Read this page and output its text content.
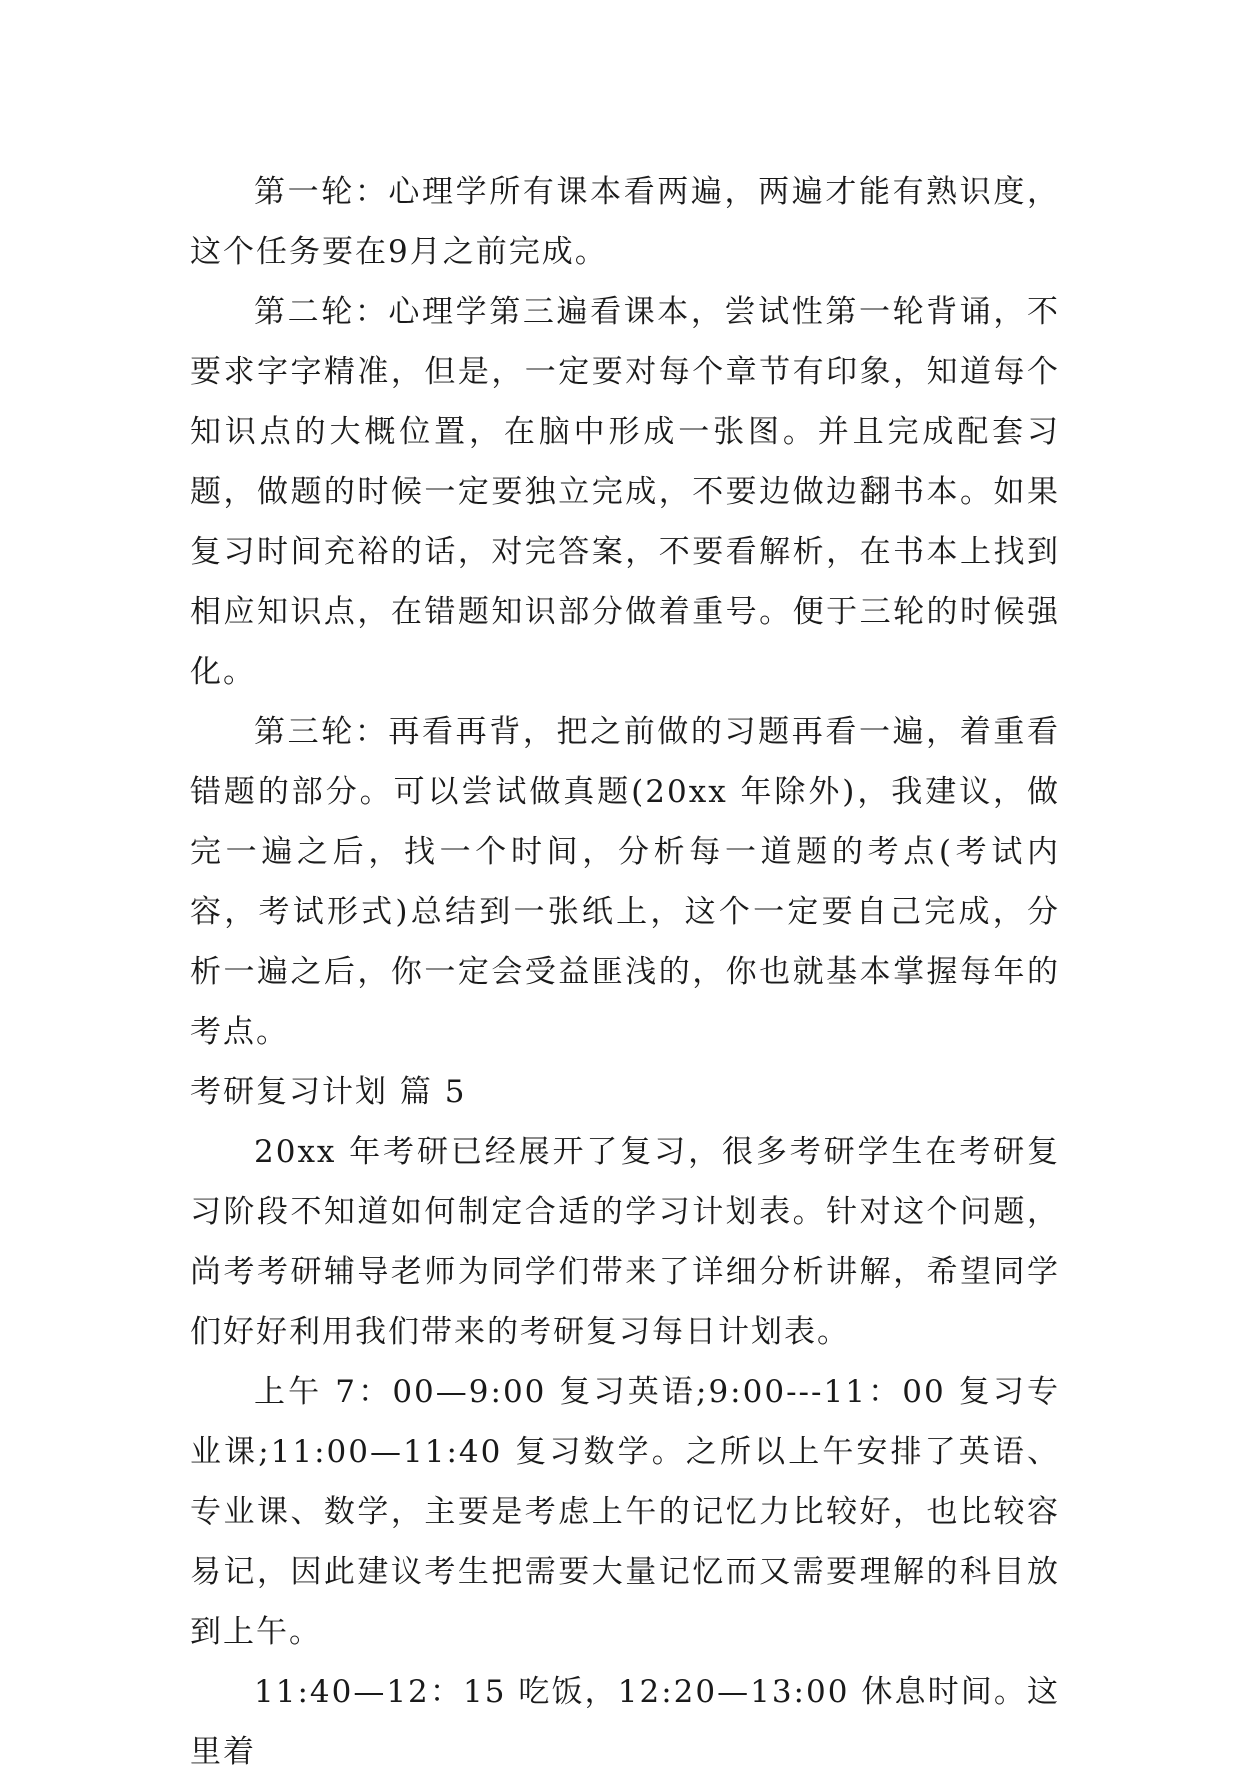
第一轮：心理学所有课本看两遍，两遍才能有熟识度，这个任务要在9月之前完成。

第二轮：心理学第三遍看课本，尝试性第一轮背诵，不要求字字精准，但是，一定要对每个章节有印象，知道每个知识点的大概位置，在脑中形成一张图。并且完成配套习题，做题的时候一定要独立完成，不要边做边翻书本。如果复习时间充裕的话，对完答案，不要看解析，在书本上找到相应知识点，在错题知识部分做着重号。便于三轮的时候强化。

第三轮：再看再背，把之前做的习题再看一遍，着重看错题的部分。可以尝试做真题(20xx 年除外)，我建议，做完一遍之后，找一个时间，分析每一道题的考点(考试内容，考试形式)总结到一张纸上，这个一定要自己完成，分析一遍之后，你一定会受益匪浅的，你也就基本掌握每年的考点。

考研复习计划 篇 5

20xx 年考研已经展开了复习，很多考研学生在考研复习阶段不知道如何制定合适的学习计划表。针对这个问题，尚考考研辅导老师为同学们带来了详细分析讲解，希望同学们好好利用我们带来的考研复习每日计划表。

上午 7：00—9:00 复习英语;9:00---11：00 复习专业课;11:00—11:40 复习数学。之所以上午安排了英语、专业课、数学，主要是考虑上午的记忆力比较好，也比较容易记，因此建议考生把需要大量记忆而又需要理解的科目放到上午。

11:40—12：15 吃饭，12:20—13:00 休息时间。这里着
